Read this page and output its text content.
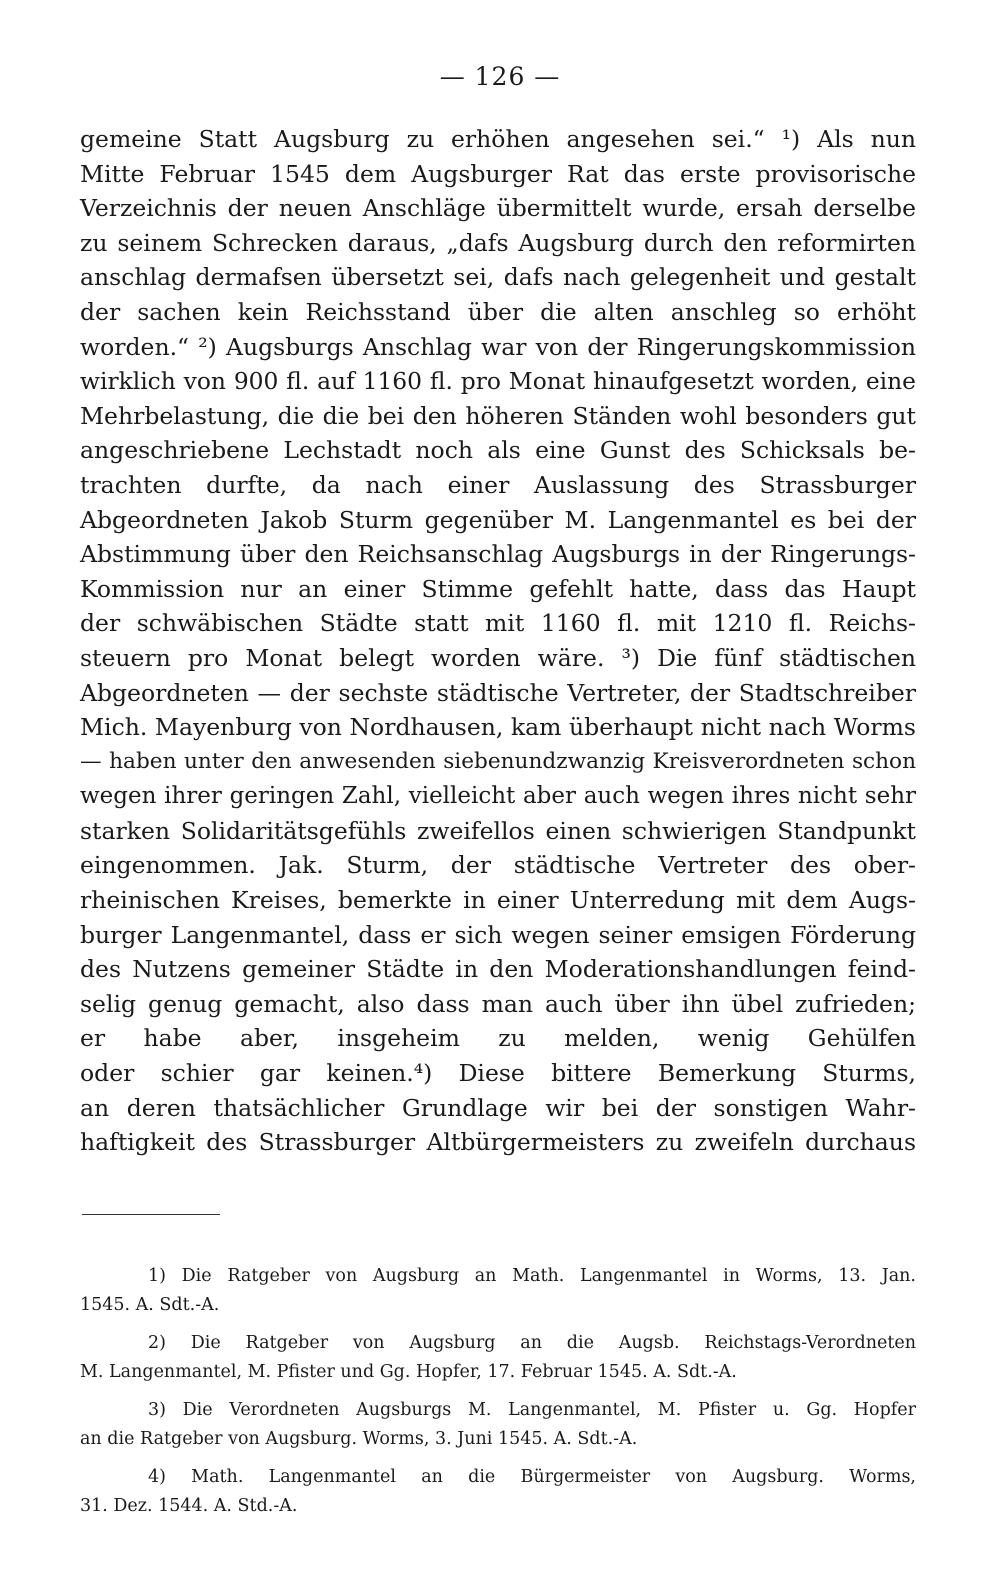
— 126 —
gemeine Statt Augsburg zu erhöhen angesehen sei.“ ¹) Als nun
Mitte Februar 1545 dem Augsburger Rat das erste provisorische
Verzeichnis der neuen Anschläge übermittelt wurde, ersah derselbe
zu seinem Schrecken daraus, „dafs Augsburg durch den reformirten
anschlag dermafsen übersetzt sei, dafs nach gelegenheit und gestalt
der sachen kein Reichsstand über die alten anschleg so erhöht
worden.“ ²) Augsburgs Anschlag war von der Ringerungskommission
wirklich von 900 fl. auf 1160 fl. pro Monat hinaufgesetzt worden, eine
Mehrbelastung, die die bei den höheren Ständen wohl besonders gut
angeschriebene Lechstadt noch als eine Gunst des Schicksals be-
trachten durfte, da nach einer Auslassung des Strassburger
Abgeordneten Jakob Sturm gegenüber M. Langenmantel es bei der
Abstimmung über den Reichsanschlag Augsburgs in der Ringerungs-
Kommission nur an einer Stimme gefehlt hatte, dass das Haupt
der schwäbischen Städte statt mit 1160 fl. mit 1210 fl. Reichs-
steuern pro Monat belegt worden wäre. ³) Die fünf städtischen
Abgeordneten — der sechste städtische Vertreter, der Stadtschreiber
Mich. Mayenburg von Nordhausen, kam überhaupt nicht nach Worms
— haben unter den anwesenden siebenundzwanzig Kreisverordneten schon
wegen ihrer geringen Zahl, vielleicht aber auch wegen ihres nicht sehr
starken Solidaritätsgefühls zweifellos einen schwierigen Standpunkt
eingenommen. Jak. Sturm, der städtische Vertreter des ober-
rheinischen Kreises, bemerkte in einer Unterredung mit dem Augs-
burger Langenmantel, dass er sich wegen seiner emsigen Förderung
des Nutzens gemeiner Städte in den Moderationshandlungen feind-
selig genug gemacht, also dass man auch über ihn übel zufrieden;
er habe aber, insgeheim zu melden, wenig Gehülfen
oder schier gar keinen.⁴) Diese bittere Bemerkung Sturms,
an deren thatsächlicher Grundlage wir bei der sonstigen Wahr-
haftigkeit des Strassburger Altbürgermeisters zu zweifeln durchaus
1) Die Ratgeber von Augsburg an Math. Langenmantel in Worms, 13. Jan.
1545. A. Sdt.-A.
2) Die Ratgeber von Augsburg an die Augsb. Reichstags-Verordneten
M. Langenmantel, M. Pfister und Gg. Hopfer, 17. Februar 1545. A. Sdt.-A.
3) Die Verordneten Augsburgs M. Langenmantel, M. Pfister u. Gg. Hopfer
an die Ratgeber von Augsburg. Worms, 3. Juni 1545. A. Sdt.-A.
4) Math. Langenmantel an die Bürgermeister von Augsburg. Worms,
31. Dez. 1544. A. Std.-A.
